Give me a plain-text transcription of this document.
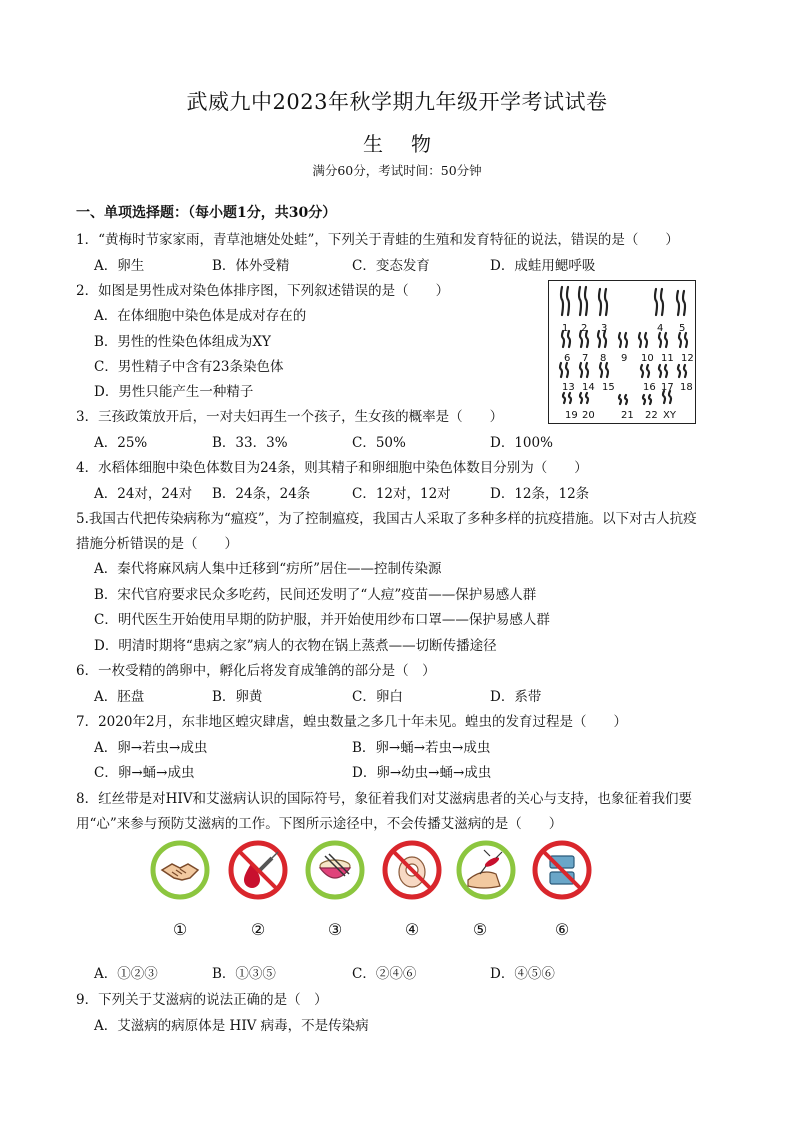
武威九中2023年秋学期九年级开学考试试卷
生物
满分60分，考试时间：50分钟
一、单项选择题：（每小题1分，共30分）
1．“黄梅时节家家雨，青草池塘处处蛙”，下列关于青蛙的生殖和发育特征的说法，错误的是（　　）
A．卵生	B．体外受精	C．变态发育	D．成蛙用鳃呼吸
2．如图是男性成对染色体排序图，下列叙述错误的是（　　）
A．在体细胞中染色体是成对存在的
B．男性的性染色体组成为XY
C．男性精子中含有23条染色体
D．男性只能产生一种精子
1 2 3	4 5
6 7 8 9 10 11 12
13 14 15	16 17 18
19 20	21 22 XY
3．三孩政策放开后，一对夫妇再生一个孩子，生女孩的概率是（　　）
A．25%	B．33．3%	C．50%	D．100%
4．水稻体细胞中染色体数目为24条，则其精子和卵细胞中染色体数目分别为（　　）
A．24对，24对 B．24条，24条	C．12对，12对	D．12条，12条
5.我国古代把传染病称为“瘟疫”，为了控制瘟疫，我国古人采取了多种多样的抗疫措施。以下对古人抗疫
措施分析错误的是（　　）
A．秦代将麻风病人集中迁移到“疠所”居住——控制传染源
B．宋代官府要求民众多吃药，民间还发明了“人痘”疫苗——保护易感人群
C．明代医生开始使用早期的防护服，并开始使用纱布口罩——保护易感人群
D．明清时期将“患病之家”病人的衣物在锅上蒸煮——切断传播途径
6．一枚受精的鸽卵中，孵化后将发育成雏鸽的部分是（　）
A．胚盘	B．卵黄	C．卵白	D．系带
7．2020年2月，东非地区蝗灾肆虐，蝗虫数量之多几十年未见。蝗虫的发育过程是（　　）
A．卵→若虫→成虫	B．卵→蛹→若虫→成虫
C．卵→蛹→成虫	D．卵→幼虫→蛹→成虫
8．红丝带是对HIV和艾滋病认识的国际符号，象征着我们对艾滋病患者的关心与支持，也象征着我们要
用“心”来参与预防艾滋病的工作。下图所示途径中，不会传播艾滋病的是（　　）
①	②	③	④	⑤	⑥
A．①②③	B．①③⑤	C．②④⑥	D．④⑤⑥
9．下列关于艾滋病的说法正确的是（　）
A．艾滋病的病原体是 HIV 病毒，不是传染病
